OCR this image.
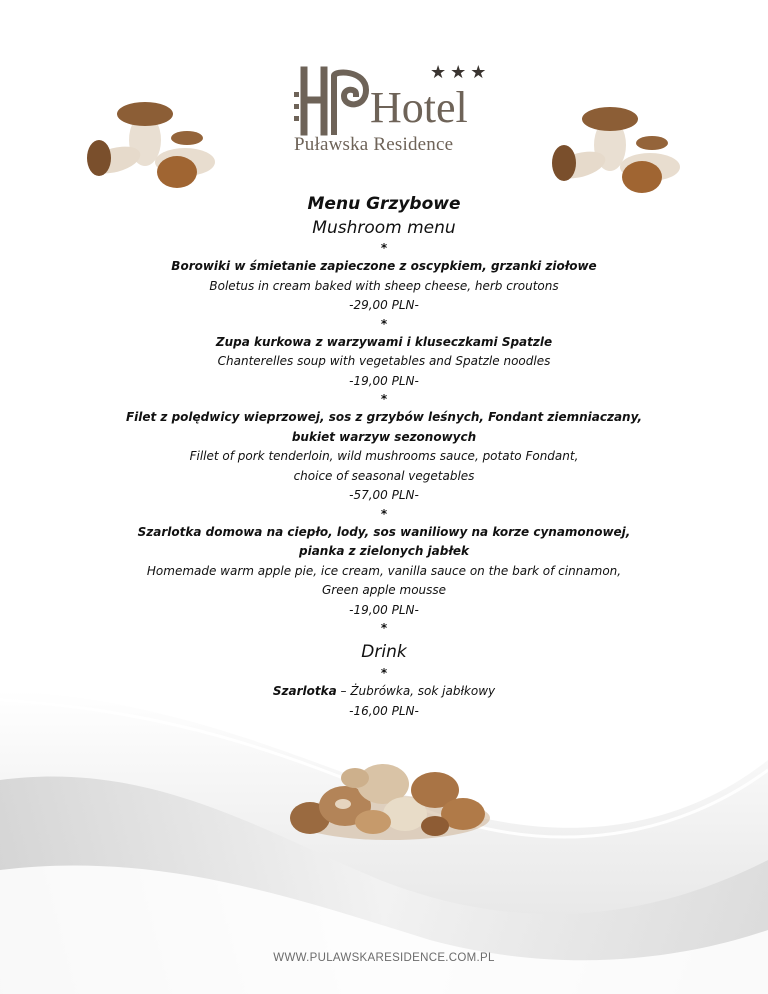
★★★
Hotel
Puławska Residence
Menu Grzybowe
Mushroom menu
*
Borowiki w śmietanie zapieczone z oscypkiem, grzanki ziołowe
Boletus in cream baked with sheep cheese, herb croutons
-29,00 PLN-
*
Zupa kurkowa z warzywami i kluseczkami Spatzle
Chanterelles soup with vegetables and Spatzle noodles
-19,00 PLN-
*
Filet z polędwicy wieprzowej, sos z grzybów leśnych, Fondant ziemniaczany,
bukiet warzyw sezonowych
Fillet of pork tenderloin, wild mushrooms sauce, potato Fondant,
choice of seasonal vegetables
-57,00 PLN-
*
Szarlotka domowa na ciepło, lody, sos waniliowy na korze cynamonowej,
pianka z zielonych jabłek
Homemade warm apple pie, ice cream, vanilla sauce on the bark of cinnamon,
Green apple mousse
-19,00 PLN-
*
Drink
*
Szarlotka – Żubrówka, sok jabłkowy
-16,00 PLN-
WWW.PULAWSKARESIDENCE.COM.PL
